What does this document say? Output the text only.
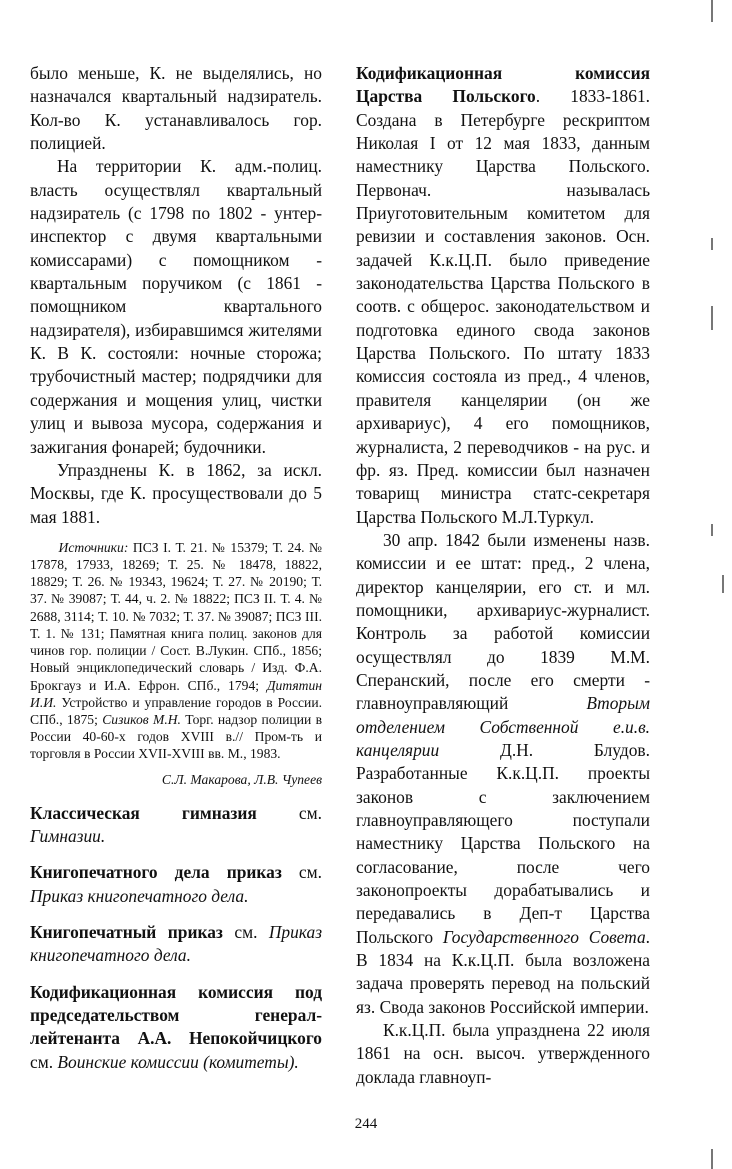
было меньше, К. не выделялись, но назначался квартальный надзиратель. Кол-во К. устанавливалось гор. полицией.

На территории К. адм.-полиц. власть осуществлял квартальный надзиратель (с 1798 по 1802 - унтер-инспектор с двумя квартальными комиссарами) с помощником - квартальным поручиком (с 1861 - помощником квартального надзирателя), избиравшимся жителями К. В К. состояли: ночные сторожа; трубочистный мастер; подрядчики для содержания и мощения улиц, чистки улиц и вывоза мусора, содержания и зажигания фонарей; будочники.

Упразднены К. в 1862, за искл. Москвы, где К. просуществовали до 5 мая 1881.

Источники: ПСЗ I. Т. 21. № 15379; Т. 24. № 17878, 17933, 18269; Т. 25. № 18478, 18822, 18829; Т. 26. № 19343, 19624; Т. 27. № 20190; Т. 37. № 39087; Т. 44, ч. 2. № 18822; ПСЗ II. Т. 4. № 2688, 3114; Т. 10. № 7032; Т. 37. № 39087; ПСЗ III. Т. 1. № 131; Памятная книга полиц. законов для чинов гор. полиции / Сост. В.Лукин. СПб., 1856; Новый энциклопедический словарь / Изд. Ф.А. Брокгауз и И.А. Ефрон. СПб., 1794; Дитятин И.И. Устройство и управление городов в России. СПб., 1875; Сизиков М.Н. Торг. надзор полиции в России 40-60-х годов XVIII в.// Пром-ть и торговля в России XVII-XVIII вв. М., 1983.

С.Л. Макарова, Л.В. Чупеев

Классическая гимназия см. Гимназии.

Книгопечатного дела приказ см. Приказ книгопечатного дела.

Книгопечатный приказ см. Приказ книгопечатного дела.

Кодификационная комиссия под председательством генерал-лейтенанта А.А. Непокойчицкого см. Воинские комиссии (комитеты).

Кодификационная комиссия Царства Польского. 1833-1861. Создана в Петербурге рескриптом Николая I от 12 мая 1833, данным наместнику Царства Польского. Первонач. называлась Приуготовительным комитетом для ревизии и составления законов. Осн. задачей К.к.Ц.П. было приведение законодательства Царства Польского в соотв. с общерос. законодательством и подготовка единого свода законов Царства Польского. По штату 1833 комиссия состояла из пред., 4 членов, правителя канцелярии (он же архивариус), 4 его помощников, журналиста, 2 переводчиков - на рус. и фр. яз. Пред. комиссии был назначен товарищ министра статс-секретаря Царства Польского М.Л.Туркул.

30 апр. 1842 были изменены назв. комиссии и ее штат: пред., 2 члена, директор канцелярии, его ст. и мл. помощники, архивариус-журналист. Контроль за работой комиссии осуществлял до 1839 М.М. Сперанский, после его смерти - главноуправляющий Вторым отделением Собственной е.и.в. канцелярии Д.Н. Блудов. Разработанные К.к.Ц.П. проекты законов с заключением главноуправляющего поступали наместнику Царства Польского на согласование, после чего законопроекты дорабатывались и передавались в Деп-т Царства Польского Государственного Совета. В 1834 на К.к.Ц.П. была возложена задача проверять перевод на польский яз. Свода законов Российской империи.

К.к.Ц.П. была упразднена 22 июля 1861 на осн. высоч. утвержденного доклада главноуп-

244
